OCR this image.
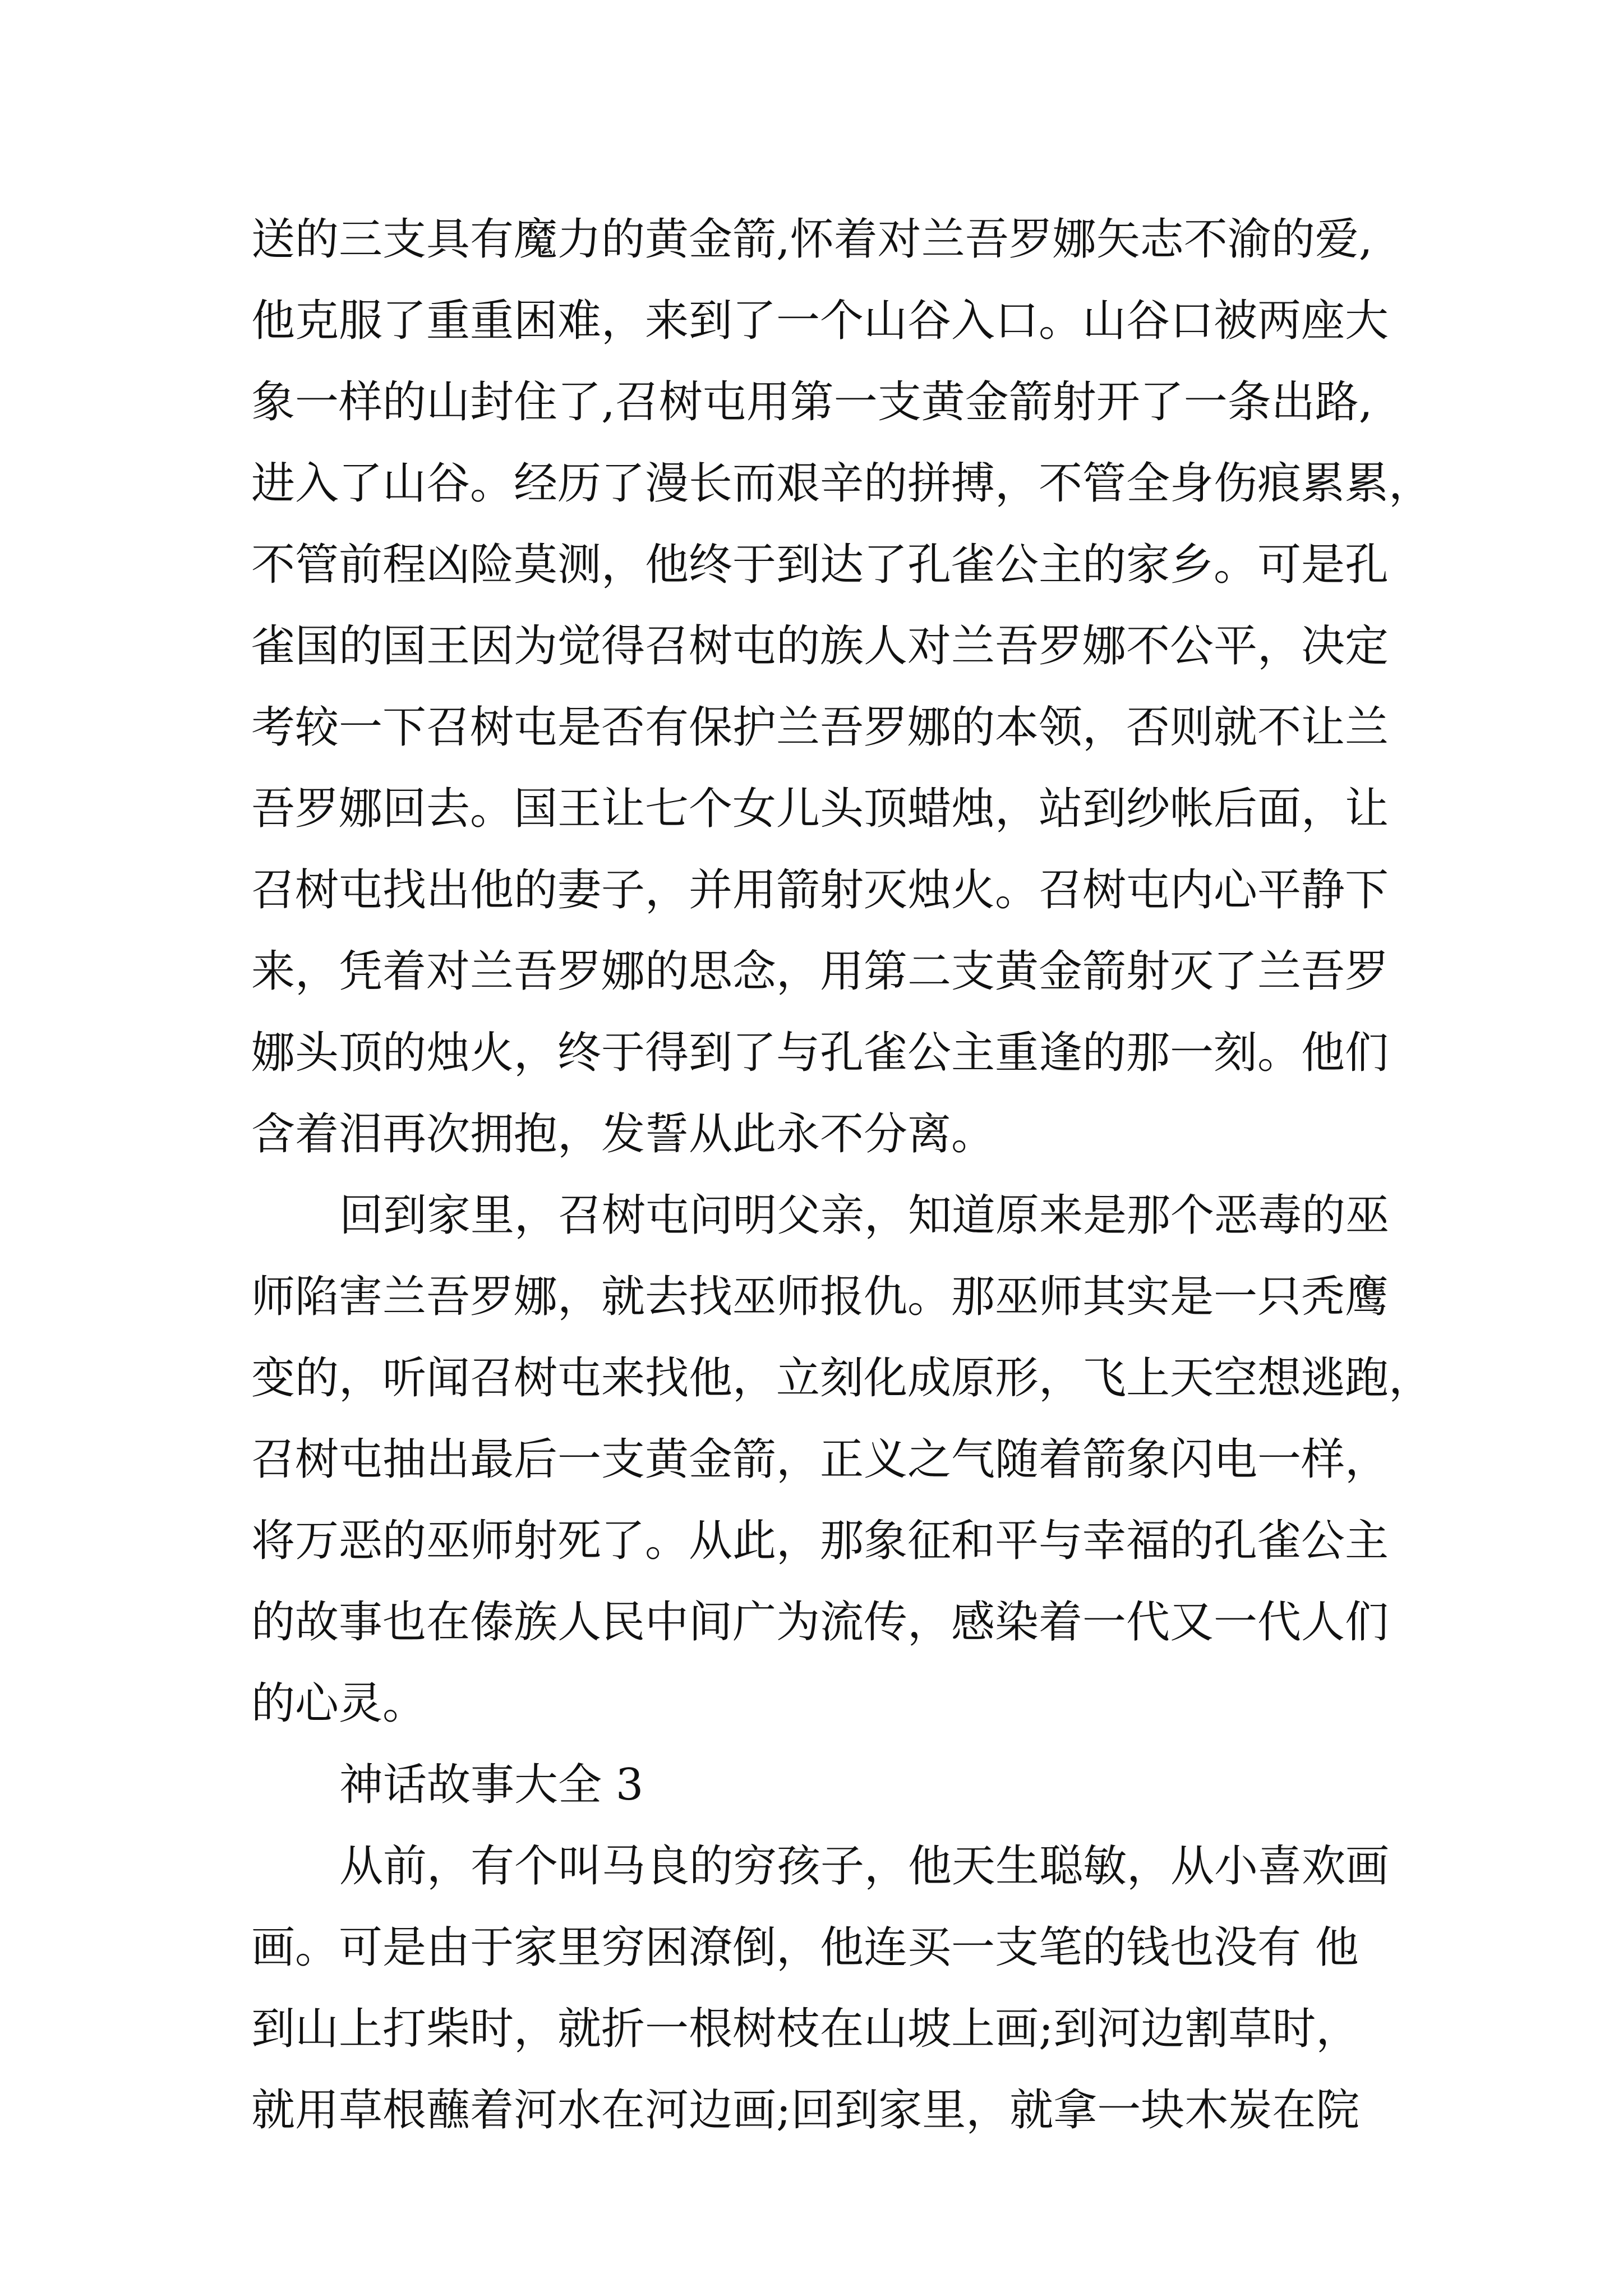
送的三支具有魔力的黄金箭,怀着对兰吾罗娜矢志不渝的爱,
他克服了重重困难，来到了一个山谷入口。山谷口被两座大
象一样的山封住了,召树屯用第一支黄金箭射开了一条出路,
进入了山谷。经历了漫长而艰辛的拼搏，不管全身伤痕累累，
不管前程凶险莫测，他终于到达了孔雀公主的家乡。可是孔
雀国的国王因为觉得召树屯的族人对兰吾罗娜不公平，决定
考较一下召树屯是否有保护兰吾罗娜的本领，否则就不让兰
吾罗娜回去。国王让七个女儿头顶蜡烛，站到纱帐后面，让
召树屯找出他的妻子，并用箭射灭烛火。召树屯内心平静下
来，凭着对兰吾罗娜的思念，用第二支黄金箭射灭了兰吾罗
娜头顶的烛火，终于得到了与孔雀公主重逢的那一刻。他们
含着泪再次拥抱，发誓从此永不分离。
回到家里，召树屯问明父亲，知道原来是那个恶毒的巫
师陷害兰吾罗娜，就去找巫师报仇。那巫师其实是一只秃鹰
变的，听闻召树屯来找他，立刻化成原形，飞上天空想逃跑，
召树屯抽出最后一支黄金箭，正义之气随着箭象闪电一样，
将万恶的巫师射死了。从此，那象征和平与幸福的孔雀公主
的故事也在傣族人民中间广为流传，感染着一代又一代人们
的心灵。
神话故事大全 3
从前，有个叫马良的穷孩子，他天生聪敏，从小喜欢画
画。可是由于家里穷困潦倒，他连买一支笔的钱也没有 他
到山上打柴时，就折一根树枝在山坡上画;到河边割草时，
就用草根蘸着河水在河边画;回到家里，就拿一块木炭在院
